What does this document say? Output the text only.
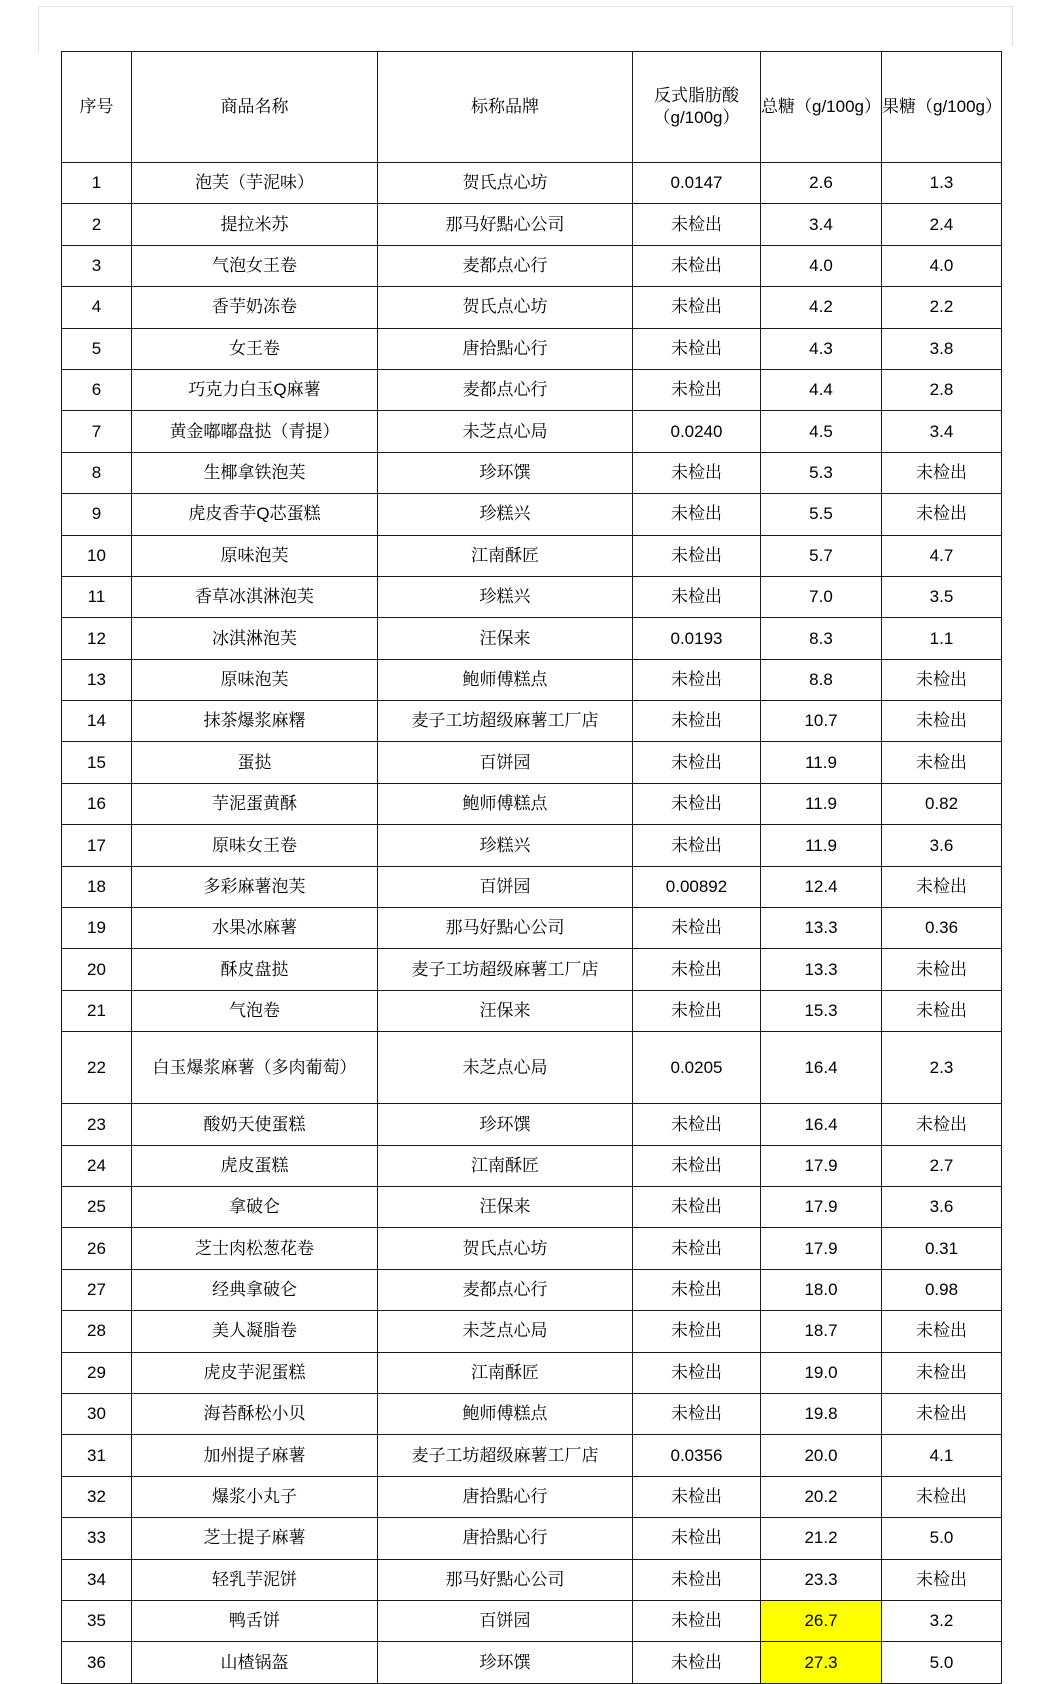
序号	商品名称	标称品牌	反式脂肪酸（g/100g）	总糖（g/100g）	果糖（g/100g）
1	泡芙（芋泥味）	贺氏点心坊	0.0147	2.6	1.3
2	提拉米苏	那马好點心公司	未检出	3.4	2.4
3	气泡女王卷	麦都点心行	未检出	4.0	4.0
4	香芋奶冻卷	贺氏点心坊	未检出	4.2	2.2
5	女王卷	唐拾點心行	未检出	4.3	3.8
6	巧克力白玉Q麻薯	麦都点心行	未检出	4.4	2.8
7	黄金嘟嘟盘挞（青提）	未芝点心局	0.0240	4.5	3.4
8	生椰拿铁泡芙	珍环馔	未检出	5.3	未检出
9	虎皮香芋Q芯蛋糕	珍糕兴	未检出	5.5	未检出
10	原味泡芙	江南酥匠	未检出	5.7	4.7
11	香草冰淇淋泡芙	珍糕兴	未检出	7.0	3.5
12	冰淇淋泡芙	汪保来	0.0193	8.3	1.1
13	原味泡芙	鲍师傅糕点	未检出	8.8	未检出
14	抹茶爆浆麻糬	麦子工坊超级麻薯工厂店	未检出	10.7	未检出
15	蛋挞	百饼园	未检出	11.9	未检出
16	芋泥蛋黄酥	鲍师傅糕点	未检出	11.9	0.82
17	原味女王卷	珍糕兴	未检出	11.9	3.6
18	多彩麻薯泡芙	百饼园	0.00892	12.4	未检出
19	水果冰麻薯	那马好點心公司	未检出	13.3	0.36
20	酥皮盘挞	麦子工坊超级麻薯工厂店	未检出	13.3	未检出
21	气泡卷	汪保来	未检出	15.3	未检出
22	白玉爆浆麻薯（多肉葡萄）	未芝点心局	0.0205	16.4	2.3
23	酸奶天使蛋糕	珍环馔	未检出	16.4	未检出
24	虎皮蛋糕	江南酥匠	未检出	17.9	2.7
25	拿破仑	汪保来	未检出	17.9	3.6
26	芝士肉松葱花卷	贺氏点心坊	未检出	17.9	0.31
27	经典拿破仑	麦都点心行	未检出	18.0	0.98
28	美人凝脂卷	未芝点心局	未检出	18.7	未检出
29	虎皮芋泥蛋糕	江南酥匠	未检出	19.0	未检出
30	海苔酥松小贝	鲍师傅糕点	未检出	19.8	未检出
31	加州提子麻薯	麦子工坊超级麻薯工厂店	0.0356	20.0	4.1
32	爆浆小丸子	唐拾點心行	未检出	20.2	未检出
33	芝士提子麻薯	唐拾點心行	未检出	21.2	5.0
34	轻乳芋泥饼	那马好點心公司	未检出	23.3	未检出
35	鸭舌饼	百饼园	未检出	26.7	3.2
36	山楂锅盔	珍环馔	未检出	27.3	5.0
